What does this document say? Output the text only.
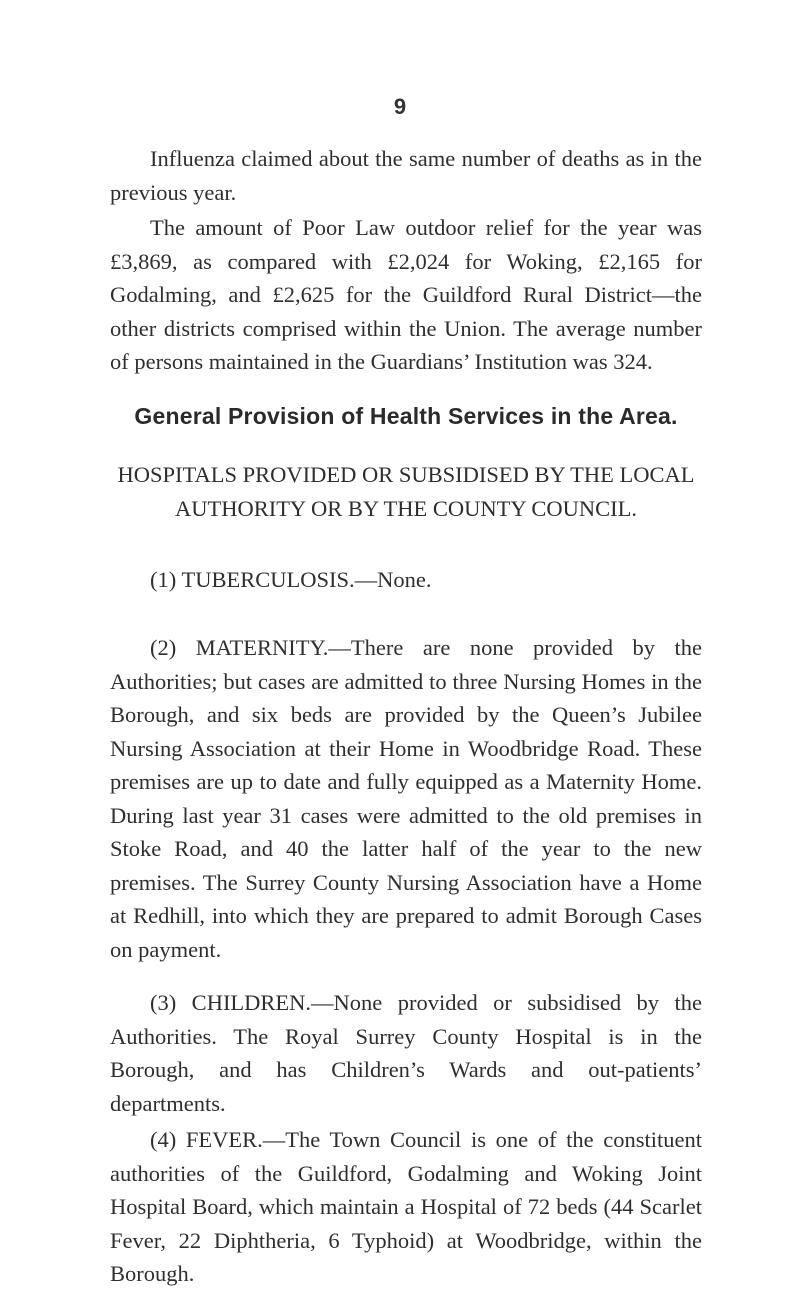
9

Influenza claimed about the same number of deaths as in the previous year.

The amount of Poor Law outdoor relief for the year was £3,869, as compared with £2,024 for Woking, £2,165 for Godalming, and £2,625 for the Guildford Rural District—the other districts comprised within the Union. The average number of persons maintained in the Guardians’ Institution was 324.

General Provision of Health Services in the Area.
HOSPITALS PROVIDED OR SUBSIDISED BY THE LOCAL AUTHORITY OR BY THE COUNTY COUNCIL.

(1) TUBERCULOSIS.—None.

(2) MATERNITY.—There are none provided by the Authorities; but cases are admitted to three Nursing Homes in the Borough, and six beds are provided by the Queen’s Jubilee Nursing Association at their Home in Woodbridge Road. These premises are up to date and fully equipped as a Maternity Home. During last year 31 cases were admitted to the old premises in Stoke Road, and 40 the latter half of the year to the new premises. The Surrey County Nursing Association have a Home at Redhill, into which they are prepared to admit Borough Cases on payment.

(3) CHILDREN.—None provided or subsidised by the Authorities. The Royal Surrey County Hospital is in the Borough, and has Children’s Wards and out-patients’ departments.

(4) FEVER.—The Town Council is one of the constituent authorities of the Guildford, Godalming and Woking Joint Hospital Board, which maintain a Hospital of 72 beds (44 Scarlet Fever, 22 Diphtheria, 6 Typhoid) at Woodbridge, within the Borough.
